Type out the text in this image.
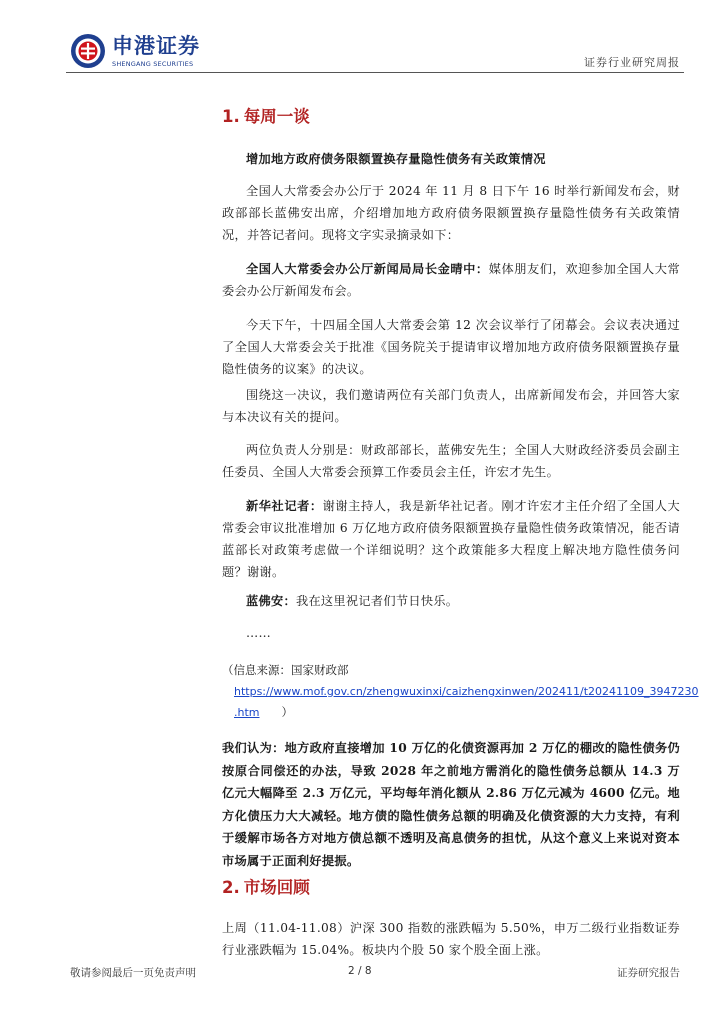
申港证券
SHENGANG SECURITIES	证券行业研究周报
1. 每周一谈
增加地方政府债务限额置换存量隐性债务有关政策情况
全国人大常委会办公厅于 2024 年 11 月 8 日下午 16 时举行新闻发布会，财政部部长蓝佛安出席，介绍增加地方政府债务限额置换存量隐性债务有关政策情况，并答记者问。现将文字实录摘录如下：
全国人大常委会办公厅新闻局局长金晴中：媒体朋友们，欢迎参加全国人大常委会办公厅新闻发布会。
今天下午，十四届全国人大常委会第 12 次会议举行了闭幕会。会议表决通过了全国人大常委会关于批准《国务院关于提请审议增加地方政府债务限额置换存量隐性债务的议案》的决议。
围绕这一决议，我们邀请两位有关部门负责人，出席新闻发布会，并回答大家与本决议有关的提问。
两位负责人分别是：财政部部长，蓝佛安先生；全国人大财政经济委员会副主任委员、全国人大常委会预算工作委员会主任，许宏才先生。
新华社记者：谢谢主持人，我是新华社记者。刚才许宏才主任介绍了全国人大常委会审议批准增加 6 万亿地方政府债务限额置换存量隐性债务政策情况，能否请蓝部长对政策考虑做一个详细说明？这个政策能多大程度上解决地方隐性债务问题？谢谢。
蓝佛安：我在这里祝记者们节日快乐。
……
（信息来源：国家财政部
https://www.mof.gov.cn/zhengwuxinxi/caizhengxinwen/202411/t20241109_3947230
.htm ）
我们认为：地方政府直接增加 10 万亿的化债资源再加 2 万亿的棚改的隐性债务仍按原合同偿还的办法，导致 2028 年之前地方需消化的隐性债务总额从 14.3 万亿元大幅降至 2.3 万亿元，平均每年消化额从 2.86 万亿元减为 4600 亿元。地方化债压力大大减轻。地方债的隐性债务总额的明确及化债资源的大力支持，有利于缓解市场各方对地方债总额不透明及高息债务的担忧，从这个意义上来说对资本市场属于正面利好提振。
2. 市场回顾
上周（11.04-11.08）沪深 300 指数的涨跌幅为 5.50%，申万二级行业指数证券行业涨跌幅为 15.04%。板块内个股 50 家个股全面上涨。
敬请参阅最后一页免责声明	2 / 8	证券研究报告
